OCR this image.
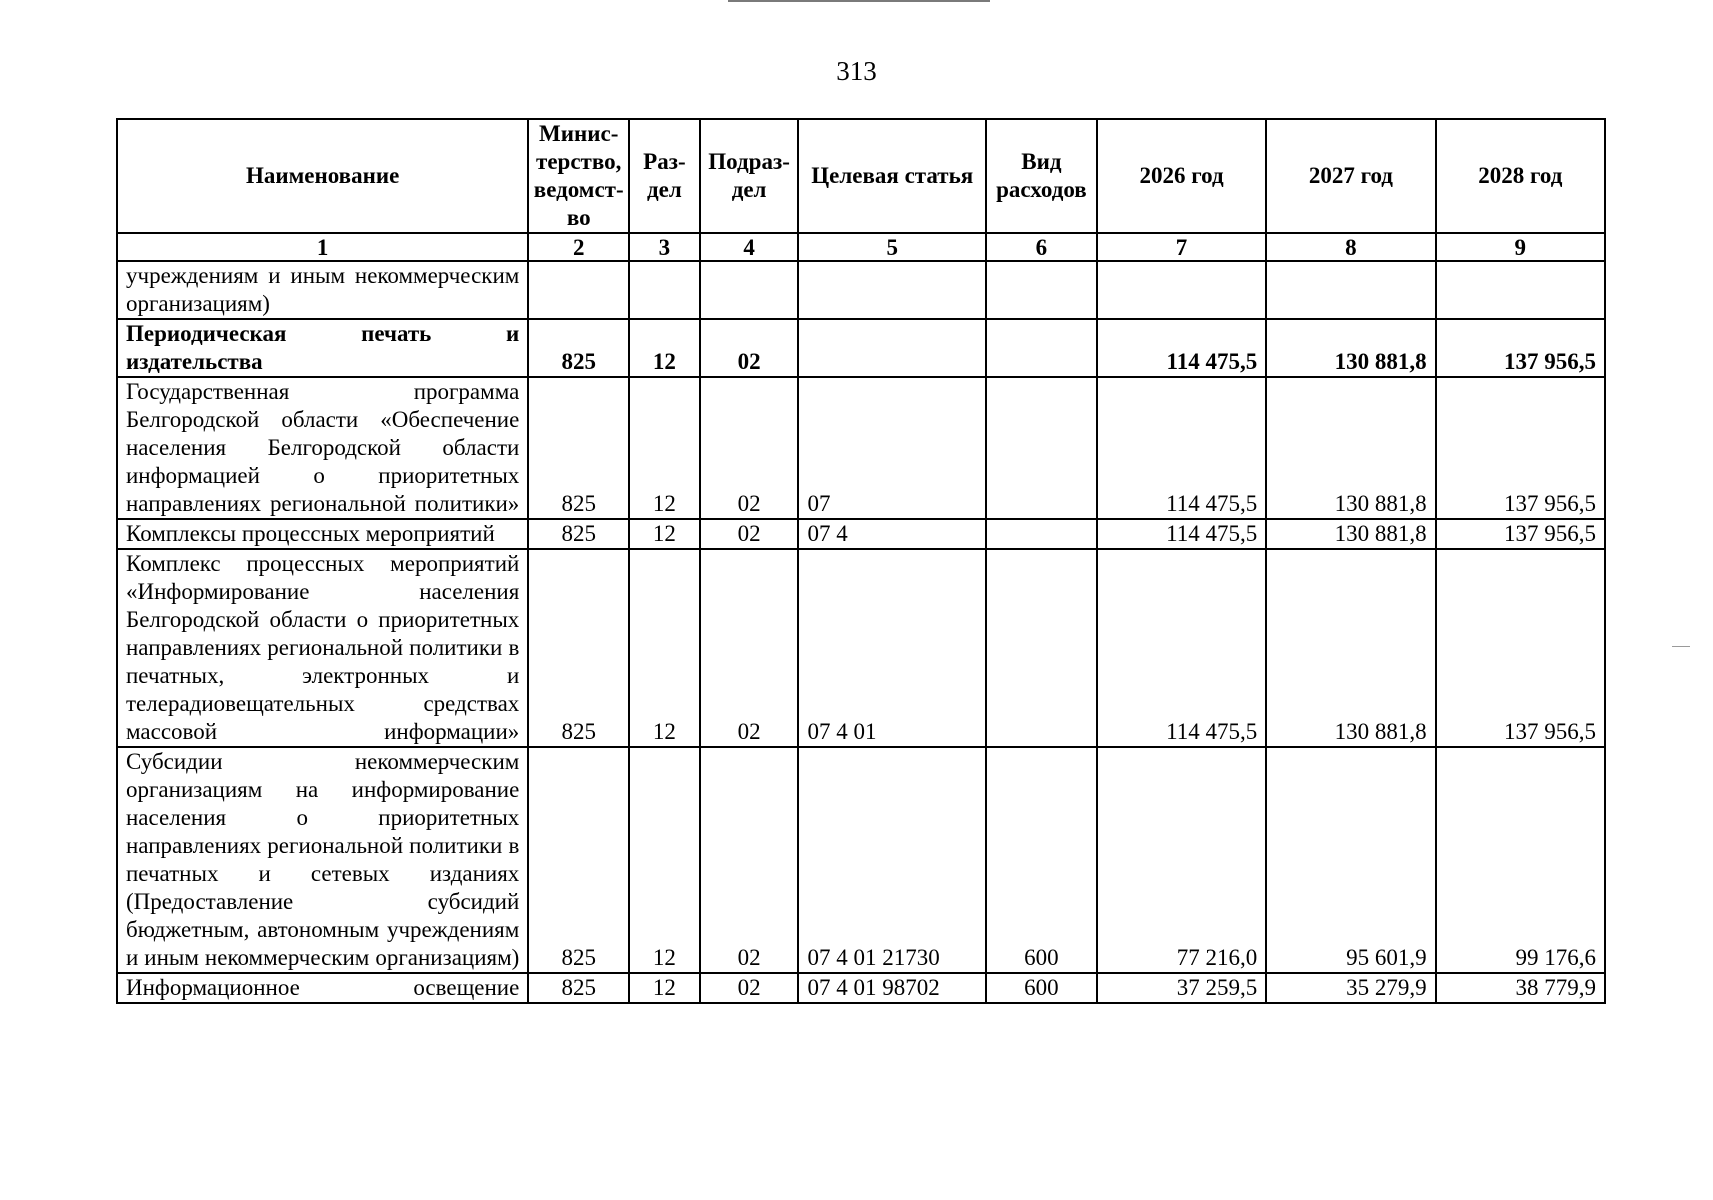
313
Наименование	Минис-терство, ведомст-во	Раз-дел	Подраз-дел	Целевая статья	Вид расходов	2026 год	2027 год	2028 год
1	2	3	4	5	6	7	8	9
учреждениям и иным некоммерческим организациям)								
Периодическая печать и издательства	825	12	02			114 475,5	130 881,8	137 956,5
Государственная программа Белгородской области «Обеспечение населения Белгородской области информацией о приоритетных направлениях региональной политики»	825	12	02	07		114 475,5	130 881,8	137 956,5
Комплексы процессных мероприятий	825	12	02	07 4		114 475,5	130 881,8	137 956,5
Комплекс процессных мероприятий «Информирование населения Белгородской области о приоритетных направлениях региональной политики в печатных, электронных и телерадиовещательных средствах массовой информации»	825	12	02	07 4 01		114 475,5	130 881,8	137 956,5
Субсидии некоммерческим организациям на информирование населения о приоритетных направлениях региональной политики в печатных и сетевых изданиях (Предоставление субсидий бюджетным, автономным учреждениям и иным некоммерческим организациям)	825	12	02	07 4 01 21730	600	77 216,0	95 601,9	99 176,6
Информационное освещение	825	12	02	07 4 01 98702	600	37 259,5	35 279,9	38 779,9
